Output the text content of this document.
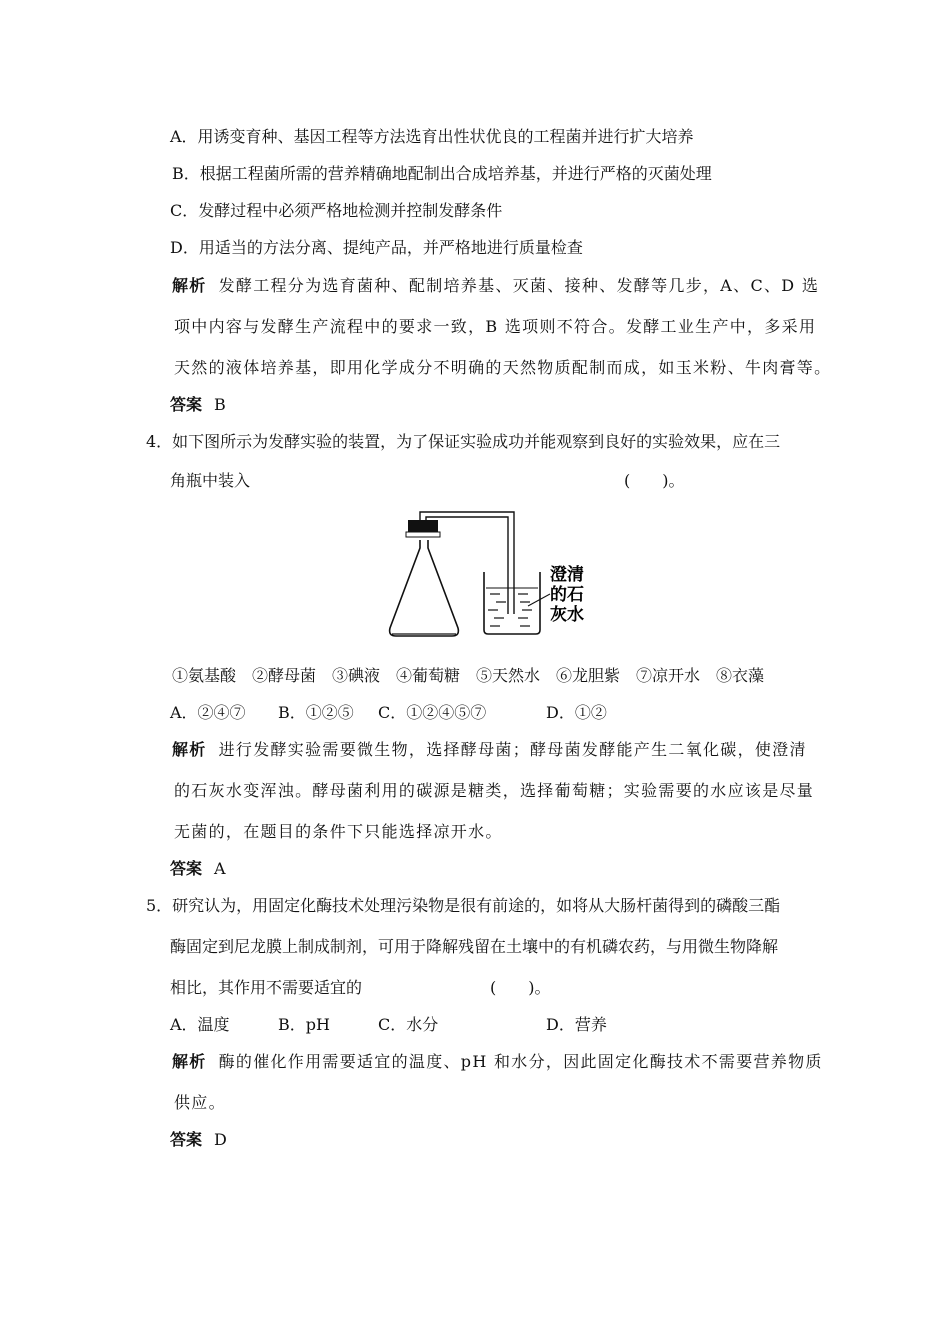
A．用诱变育种、基因工程等方法选育出性状优良的工程菌并进行扩大培养
B．根据工程菌所需的营养精确地配制出合成培养基，并进行严格的灭菌处理
C．发酵过程中必须严格地检测并控制发酵条件
D．用适当的方法分离、提纯产品，并严格地进行质量检查
解析 发酵工程分为选育菌种、配制培养基、灭菌、接种、发酵等几步，A、C、D 选
项中内容与发酵生产流程中的要求一致，B 选项则不符合。发酵工业生产中，多采用
天然的液体培养基，即用化学成分不明确的天然物质配制而成，如玉米粉、牛肉膏等。
答案 B
4．如下图所示为发酵实验的装置，为了保证实验成功并能观察到良好的实验效果，应在三
角瓶中装入	(　　)。
澄清
的石
灰水
①氨基酸　②酵母菌　③碘液　④葡萄糖　⑤天然水　⑥龙胆紫　⑦凉开水　⑧衣藻
A．②④⑦ B．①②⑤ C．①②④⑤⑦	D．①②
解析 进行发酵实验需要微生物，选择酵母菌；酵母菌发酵能产生二氧化碳，使澄清
的石灰水变浑浊。酵母菌利用的碳源是糖类，选择葡萄糖；实验需要的水应该是尽量
无菌的，在题目的条件下只能选择凉开水。
答案 A
5．研究认为，用固定化酶技术处理污染物是很有前途的，如将从大肠杆菌得到的磷酸三酯
酶固定到尼龙膜上制成制剂，可用于降解残留在土壤中的有机磷农药，与用微生物降解
相比，其作用不需要适宜的	(　　)。
A．温度	B．pH	C．水分	D．营养
解析 酶的催化作用需要适宜的温度、pH 和水分，因此固定化酶技术不需要营养物质
供应。
答案 D
